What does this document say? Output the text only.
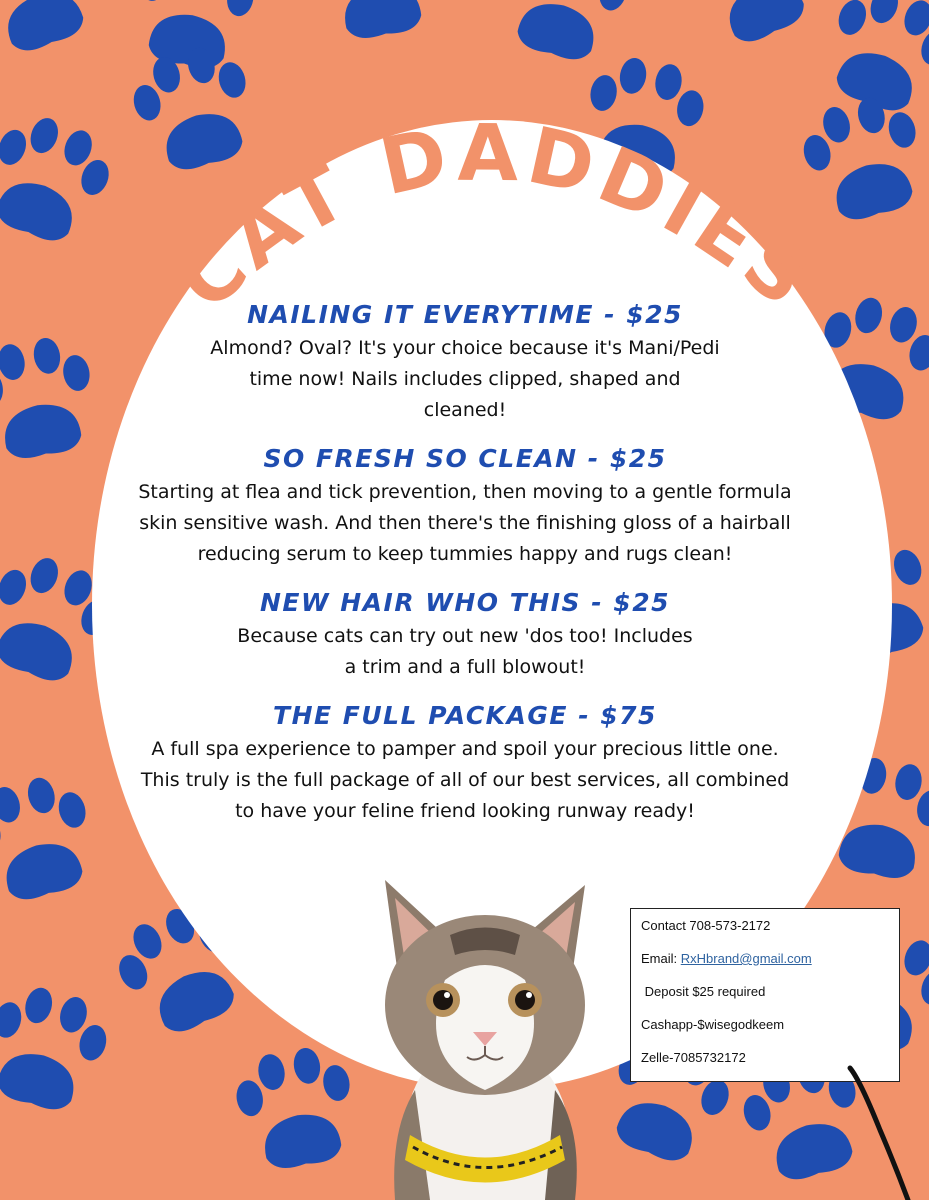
CAT DADDIES
NAILING IT EVERYTIME - $25

Almond? Oval? It's your choice because it's Mani/Pedi
time now! Nails includes clipped, shaped and
cleaned!

SO FRESH SO CLEAN - $25

Starting at flea and tick prevention, then moving to a gentle formula
skin sensitive wash. And then there's the finishing gloss of a hairball
reducing serum to keep tummies happy and rugs clean!

NEW HAIR WHO THIS - $25

Because cats can try out new 'dos too! Includes
a trim and a full blowout!

THE FULL PACKAGE - $75

A full spa experience to pamper and spoil your precious little one.
This truly is the full package of all of our best services, all combined
to have your feline friend looking runway ready!

Contact 708-573-2172
Email: RxHbrand@gmail.com
Deposit $25 required
Cashapp-$wisegodkeem
Zelle-7085732172
